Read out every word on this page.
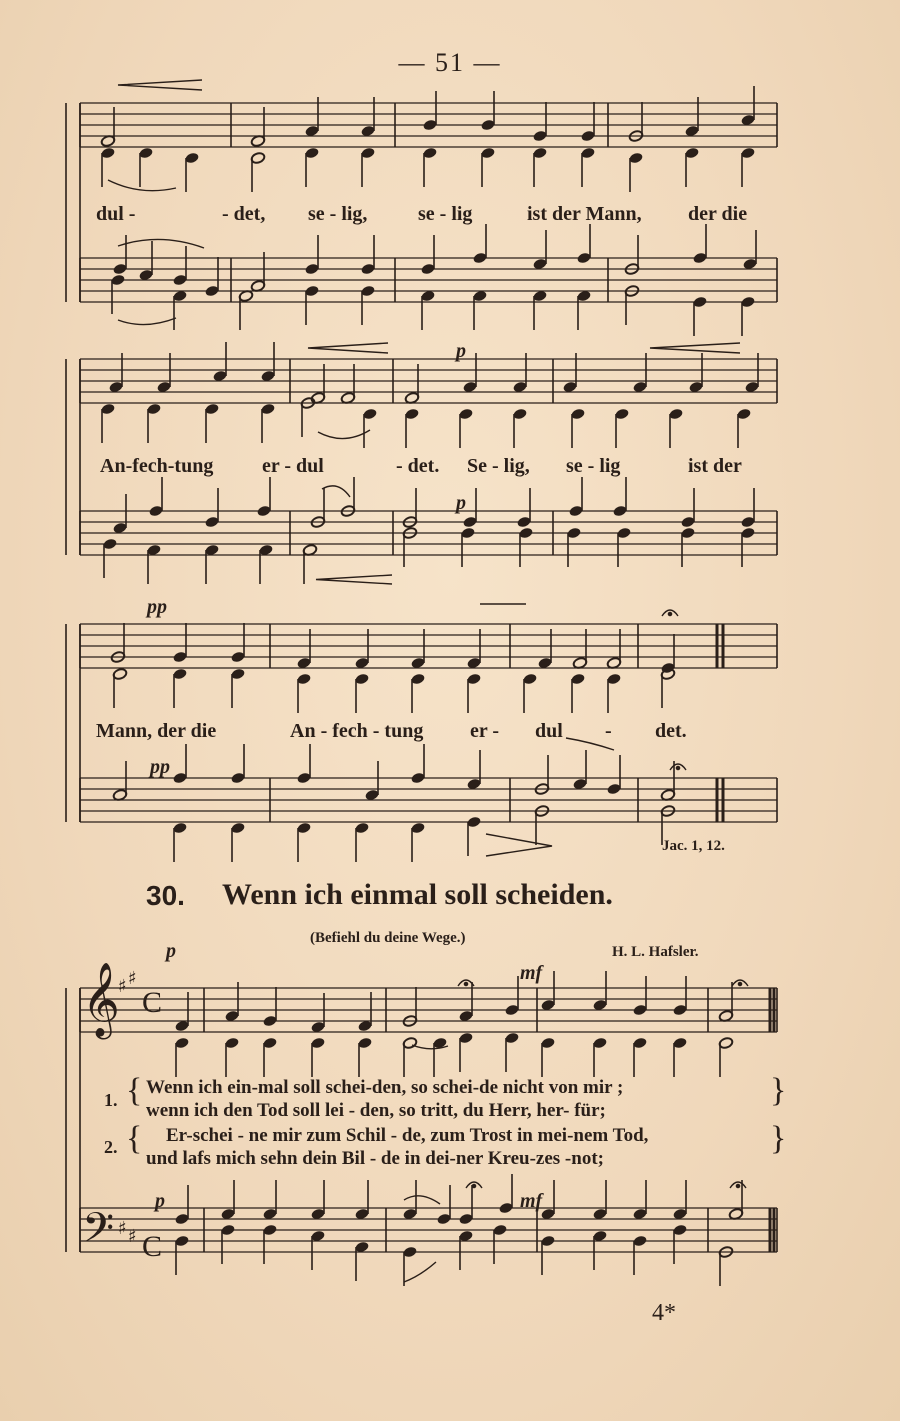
— 51 —
dul -	- det, se - lig,	se - lig	ist der Mann, der die
An-fech-tung er - dul	- det. Se - lig, se - lig	ist der
Mann, der die	An - fech - tung er - dul - det.
p
p
pp
pp
p
mf
p	mf
Jac. 1, 12.
30. Wenn ich einmal soll scheiden.
(Befiehl du deine Wege.)
H. L. Hafsler.
1. { Wenn ich ein-mal soll schei-den, so schei-de nicht von mir ;
wenn ich den Tod soll lei - den, so tritt, du Herr, her- für;
}
2. { Er-schei - ne mir zum Schil - de, zum Trost in mei-nem Tod,
und lafs mich sehn dein Bil - de in dei-ner Kreu-zes -not;
}
𝄞
𝄢
♯ ♯
C
♯ ♯ C
4*
